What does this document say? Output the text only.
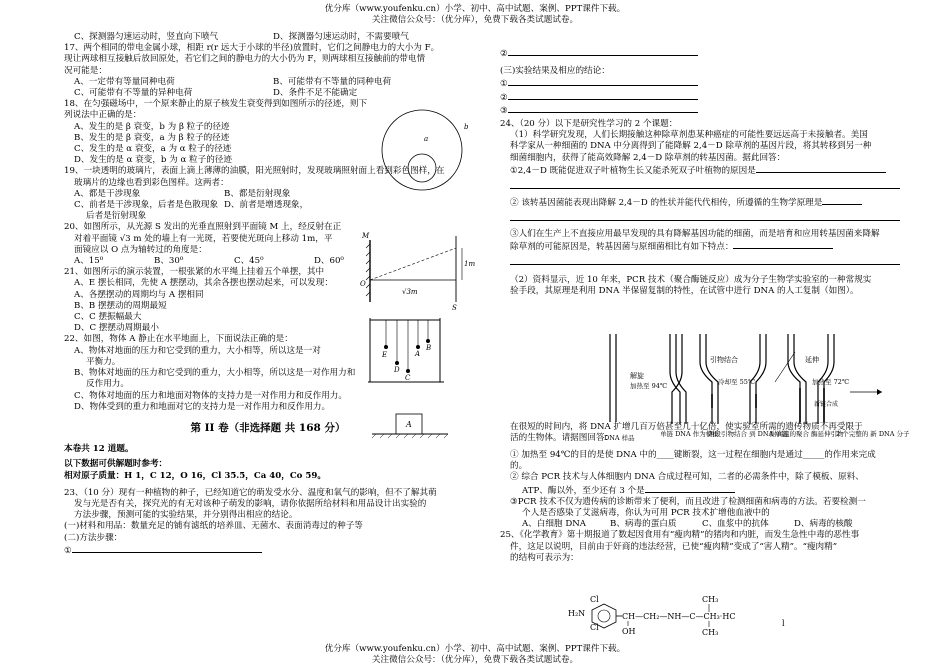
优分库（www.youfenku.cn）小学、初中、高中试题、案例、PPT课件下载。
关注微信公众号：（优分库），免费下载各类试题试卷。
C、探测器匀速运动时，竖直向下喷气	D、探测器匀速运动时，不需要喷气
17、两个相同的带电金属小球，相距 r(r 远大于小球的半径)放置时，它们之间静电力的大小为 F。
现让两球相互接触后放回原处，若它们之间的静电力的大小仍为 F，则两球相互接触前的带电情
况可能是：
A、一定带有等量同种电荷	B、可能带有不等量的同种电荷
C、可能带有不等量的异种电荷	D、条件不足不能确定
18、在匀强磁场中，一个原来静止的原子核发生衰变得到如图所示的径迹，则下
列说法中正确的是：
A、发生的是 β 衰变，b 为 β 粒子的径迹
B、发生的是 β 衰变，a 为 β 粒子的径迹
C、发生的是 α 衰变，a 为 α 粒子的径迹
D、发生的是 α 衰变，b 为 α 粒子的径迹
19、一块透明的玻璃片，表面上滴上薄薄的油膜，阳光照射时，发现玻璃照射面上看到彩色图样，在
玻璃片的边缘也看到彩色图样。这两者：
A、都是干涉现象	B、都是衍射现象
C、前者是干涉现象，后者是色散现象 D、前者是增透现象，
后者是衍射现象
20、如图所示，从光源 S 发出的光垂直照射到平面镜 M 上，经反射在正
对着平面镜 √3 m 处的墙上有一光斑，若要使光斑向上移动 1m，平
面镜应以 O 点为轴转过的角度是：
A、15⁰	B、30⁰	C、45⁰	D、60⁰
21、如图所示的演示装置，一根张紧的水平绳上挂着五个单摆，其中
A、E 摆长相同，先使 A 摆摆动，其余各摆也摆动起来，可以发现：
A、各摆摆动的周期均与 A 摆相同
B、B 摆摆动的周期最短
C、C 摆振幅最大
D、C 摆摆动周期最小
22、如图，物体 A 静止在水平地面上，下面说法正确的是：
A、物体对地面的压力和它受到的重力，大小相等，所以这是一对
平衡力。
B、物体对地面的压力和它受到的重力，大小相等，所以这是一对作用力和
反作用力。
C、物体对地面的压力和地面对物体的支持力是一对作用力和反作用力。
D、物体受到的重力和地面对它的支持力是一对作用力和反作用力。
第 II 卷（非选择题 共 168 分）
本卷共 12 道题。
以下数据可供解题时参考：
相对原子质量：H 1，C 12，O 16，Cl 35.5，Ca 40，Co 59。
23、（10 分）现有一种植物的种子，已经知道它的萌发受水分、温度和氧气的影响，但不了解其萌
发与光是否有关，探究光的有无对该种子萌发的影响，请你依据所给材料和用品设计出实验的
方法步骤，预测可能的实验结果，并分别得出相应的结论。
(一)材料和用品：数量充足的铺有滤纸的培养皿、无菌水、表面消毒过的种子等
(二)方法步骤：
①
a
b
M
O
S
1m
√3m
E	A
B
D
C
A
②
(三)实验结果及相应的结论：
①
②
③
24、（20 分）以下是研究性学习的 2 个课题：
（1）科学研究发现，人们长期接触这种除草剂患某种癌症的可能性要远远高于未接触者。美国
科学家从一种细菌的 DNA 中分离得到了能降解 2,4－D 除草剂的基因片段，将其转移到另一种
细菌细胞内，获得了能高效降解 2,4－D 除草剂的转基因菌。据此回答：
①2,4－D 既能促进双子叶植物生长又能杀死双子叶植物的原因是
② 该转基因菌能表现出降解 2,4－D 的性状并能代代相传，所遵循的生物学原理是
③人们在生产上不直接应用最早发现的具有降解基因功能的细菌，而是培育和应用转基因菌来降解
除草剂的可能原因是，转基因菌与原细菌相比有如下特点：
（2）资料显示，近 10 年来，PCR 技术（聚合酶链反应）成为分子生物学实验室的一种常规实
验手段，其原理是利用 DNA 半保留复制的特性，在试管中进行 DNA 的人工复制（如图）。
在很短的时间内，将 DNA 扩增几百万倍甚至几十亿倍，使实验室所需的遗传物质不再受限于
活的生物体。请据图回答：
① 加热至 94℃的目的是使 DNA 中的____键断裂，这一过程在细胞内是通过_____的作用来完成
的。
② 综合 PCR 技术与人体细胞内 DNA 合成过程可知，二者的必需条件中，除了模板、原料、
ATP、酶以外，至少还有 3 个是
③PCR 技术不仅为遗传病的诊断带来了便利，而且改进了检测细菌和病毒的方法。若要检测一
个人是否感染了艾滋病毒，你认为可用 PCR 技术扩增他血液中的
A、白细胞 DNA	B、病毒的蛋白质	C、血浆中的抗体	D、病毒的核酸
25、《化学教育》第十期报道了数起因食用有“瘦肉精”的猪肉和内脏，而发生急性中毒的恶性事
件，这足以说明，目前由于奸商的违法经营，已使“瘦肉精”变成了“害人精”。“瘦肉精”
的结构可表示为：
解旋
引物结合	延伸
加热至 94℃	冷却至 55℃	加热至 72℃
DNA 样品	单链 DNA 作为模板
两段引物结合 到 DNA 单链
耐高温的聚合 酶延伸引物
2 个完整的 新 DNA 分子
新链合成
Cl
H₂N
Cl
CH—CH₂—NH—C—CH₃·HC
OH
CH₃
CH₃
l
优分库（www.youfenku.cn）小学、初中、高中试题、案例、PPT课件下载。
关注微信公众号：（优分库），免费下载各类试题试卷。
